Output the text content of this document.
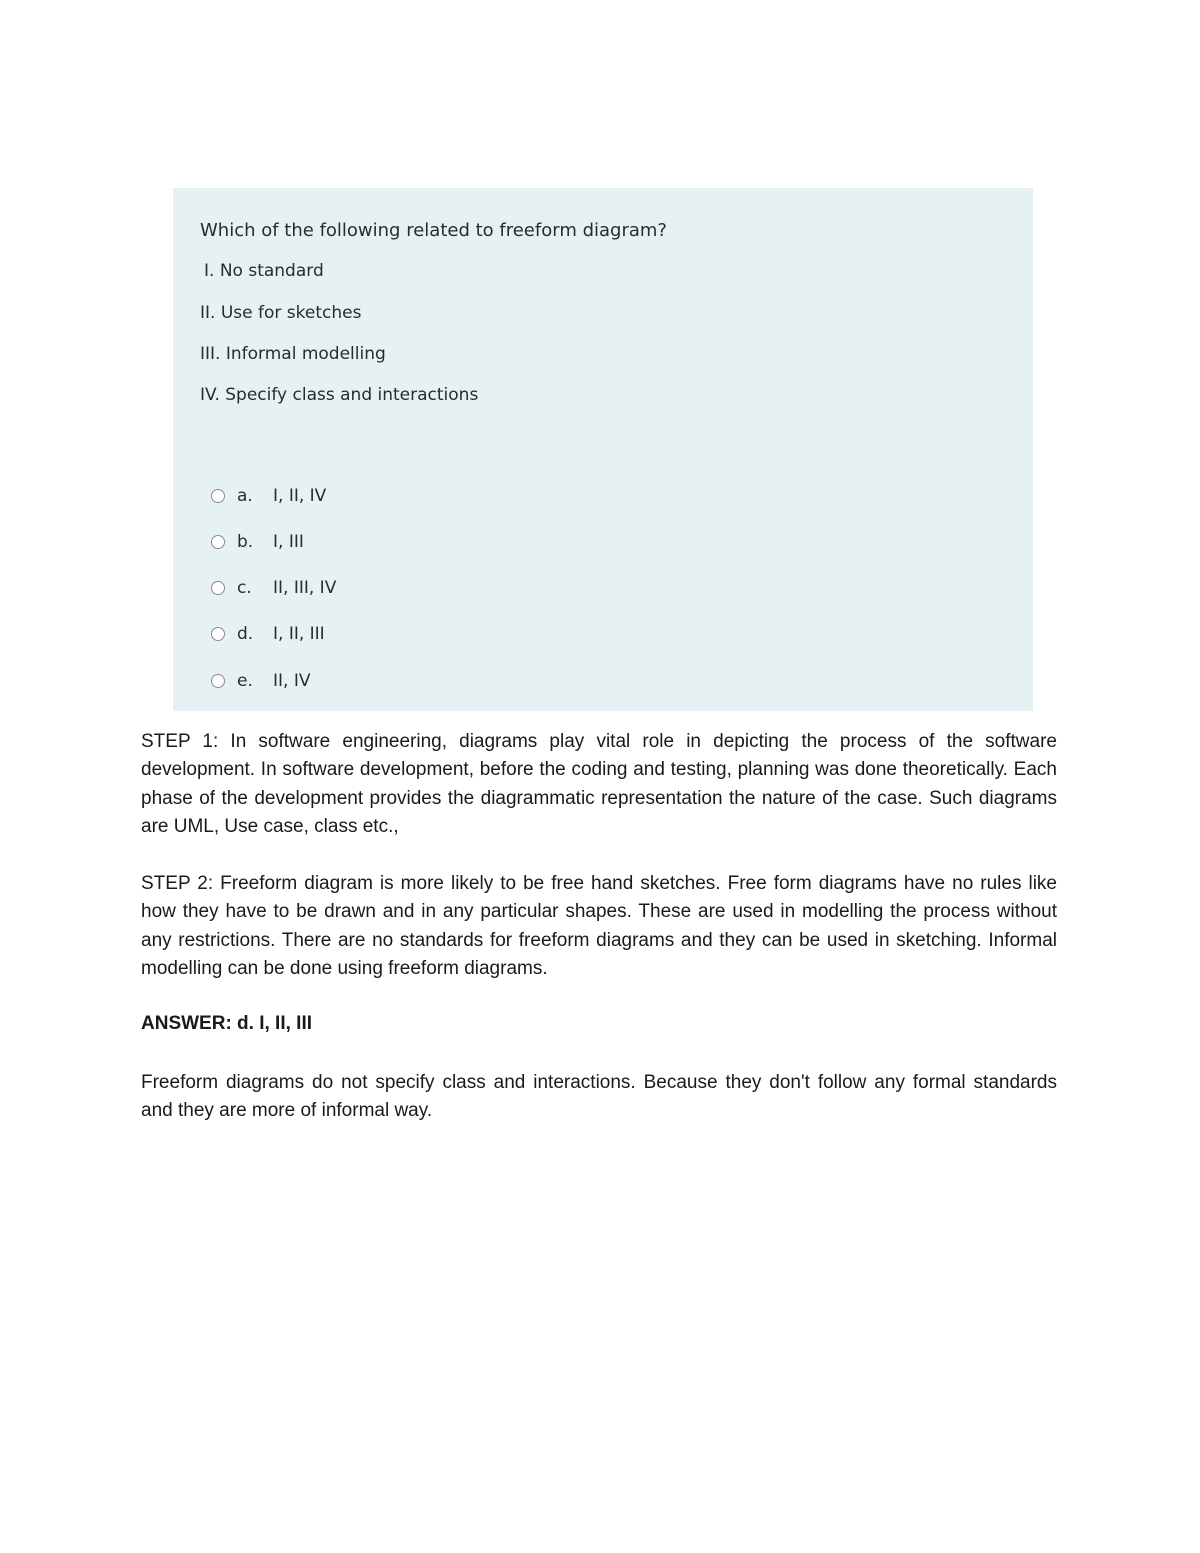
Which of the following related to freeform diagram?
I. No standard
II. Use for sketches
III. Informal modelling
IV. Specify class and interactions
a.	I, II, IV
b.	I, III
c.	II, III, IV
d.	I, II, III
e.	II, IV

STEP 1: In software engineering, diagrams play vital role in depicting the process of the software development. In software development, before the coding and testing, planning was done theoretically. Each phase of the development provides the diagrammatic representation the nature of the case. Such diagrams are UML, Use case, class etc.,

STEP 2: Freeform diagram is more likely to be free hand sketches. Free form diagrams have no rules like how they have to be drawn and in any particular shapes. These are used in modelling the process without any restrictions. There are no standards for freeform diagrams and they can be used in sketching. Informal modelling can be done using freeform diagrams.

ANSWER: d. I, II, III

Freeform diagrams do not specify class and interactions. Because they don't follow any formal standards and they are more of informal way.
